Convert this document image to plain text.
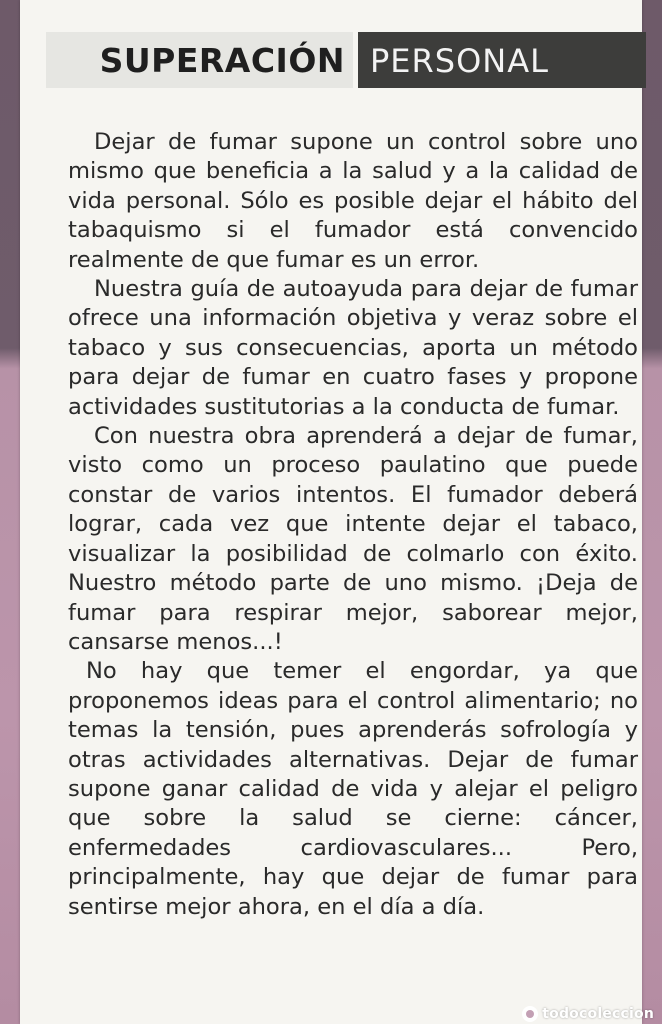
SUPERACIÓN PERSONAL

Dejar de fumar supone un control sobre uno mismo que beneficia a la salud y a la calidad de vida personal. Sólo es posible dejar el hábito del tabaquismo si el fumador está convencido realmente de que fumar es un error.

Nuestra guía de autoayuda para dejar de fumar ofrece una información objetiva y veraz sobre el tabaco y sus consecuencias, aporta un método para dejar de fumar en cuatro fases y propone actividades sustitutorias a la conducta de fumar.

Con nuestra obra aprenderá a dejar de fumar, visto como un proceso paulatino que puede constar de varios intentos. El fumador deberá lograr, cada vez que intente dejar el tabaco, visualizar la posibilidad de colmarlo con éxito. Nuestro método parte de uno mismo. ¡Deja de fumar para respirar mejor, saborear mejor, cansarse menos...!

No hay que temer el engordar, ya que proponemos ideas para el control alimentario; no temas la tensión, pues aprenderás sofrología y otras actividades alternativas. Dejar de fumar supone ganar calidad de vida y alejar el peligro que sobre la salud se cierne: cáncer, enfermedades cardiovasculares... Pero, principalmente, hay que dejar de fumar para sentirse mejor ahora, en el día a día.

todocoleccion
